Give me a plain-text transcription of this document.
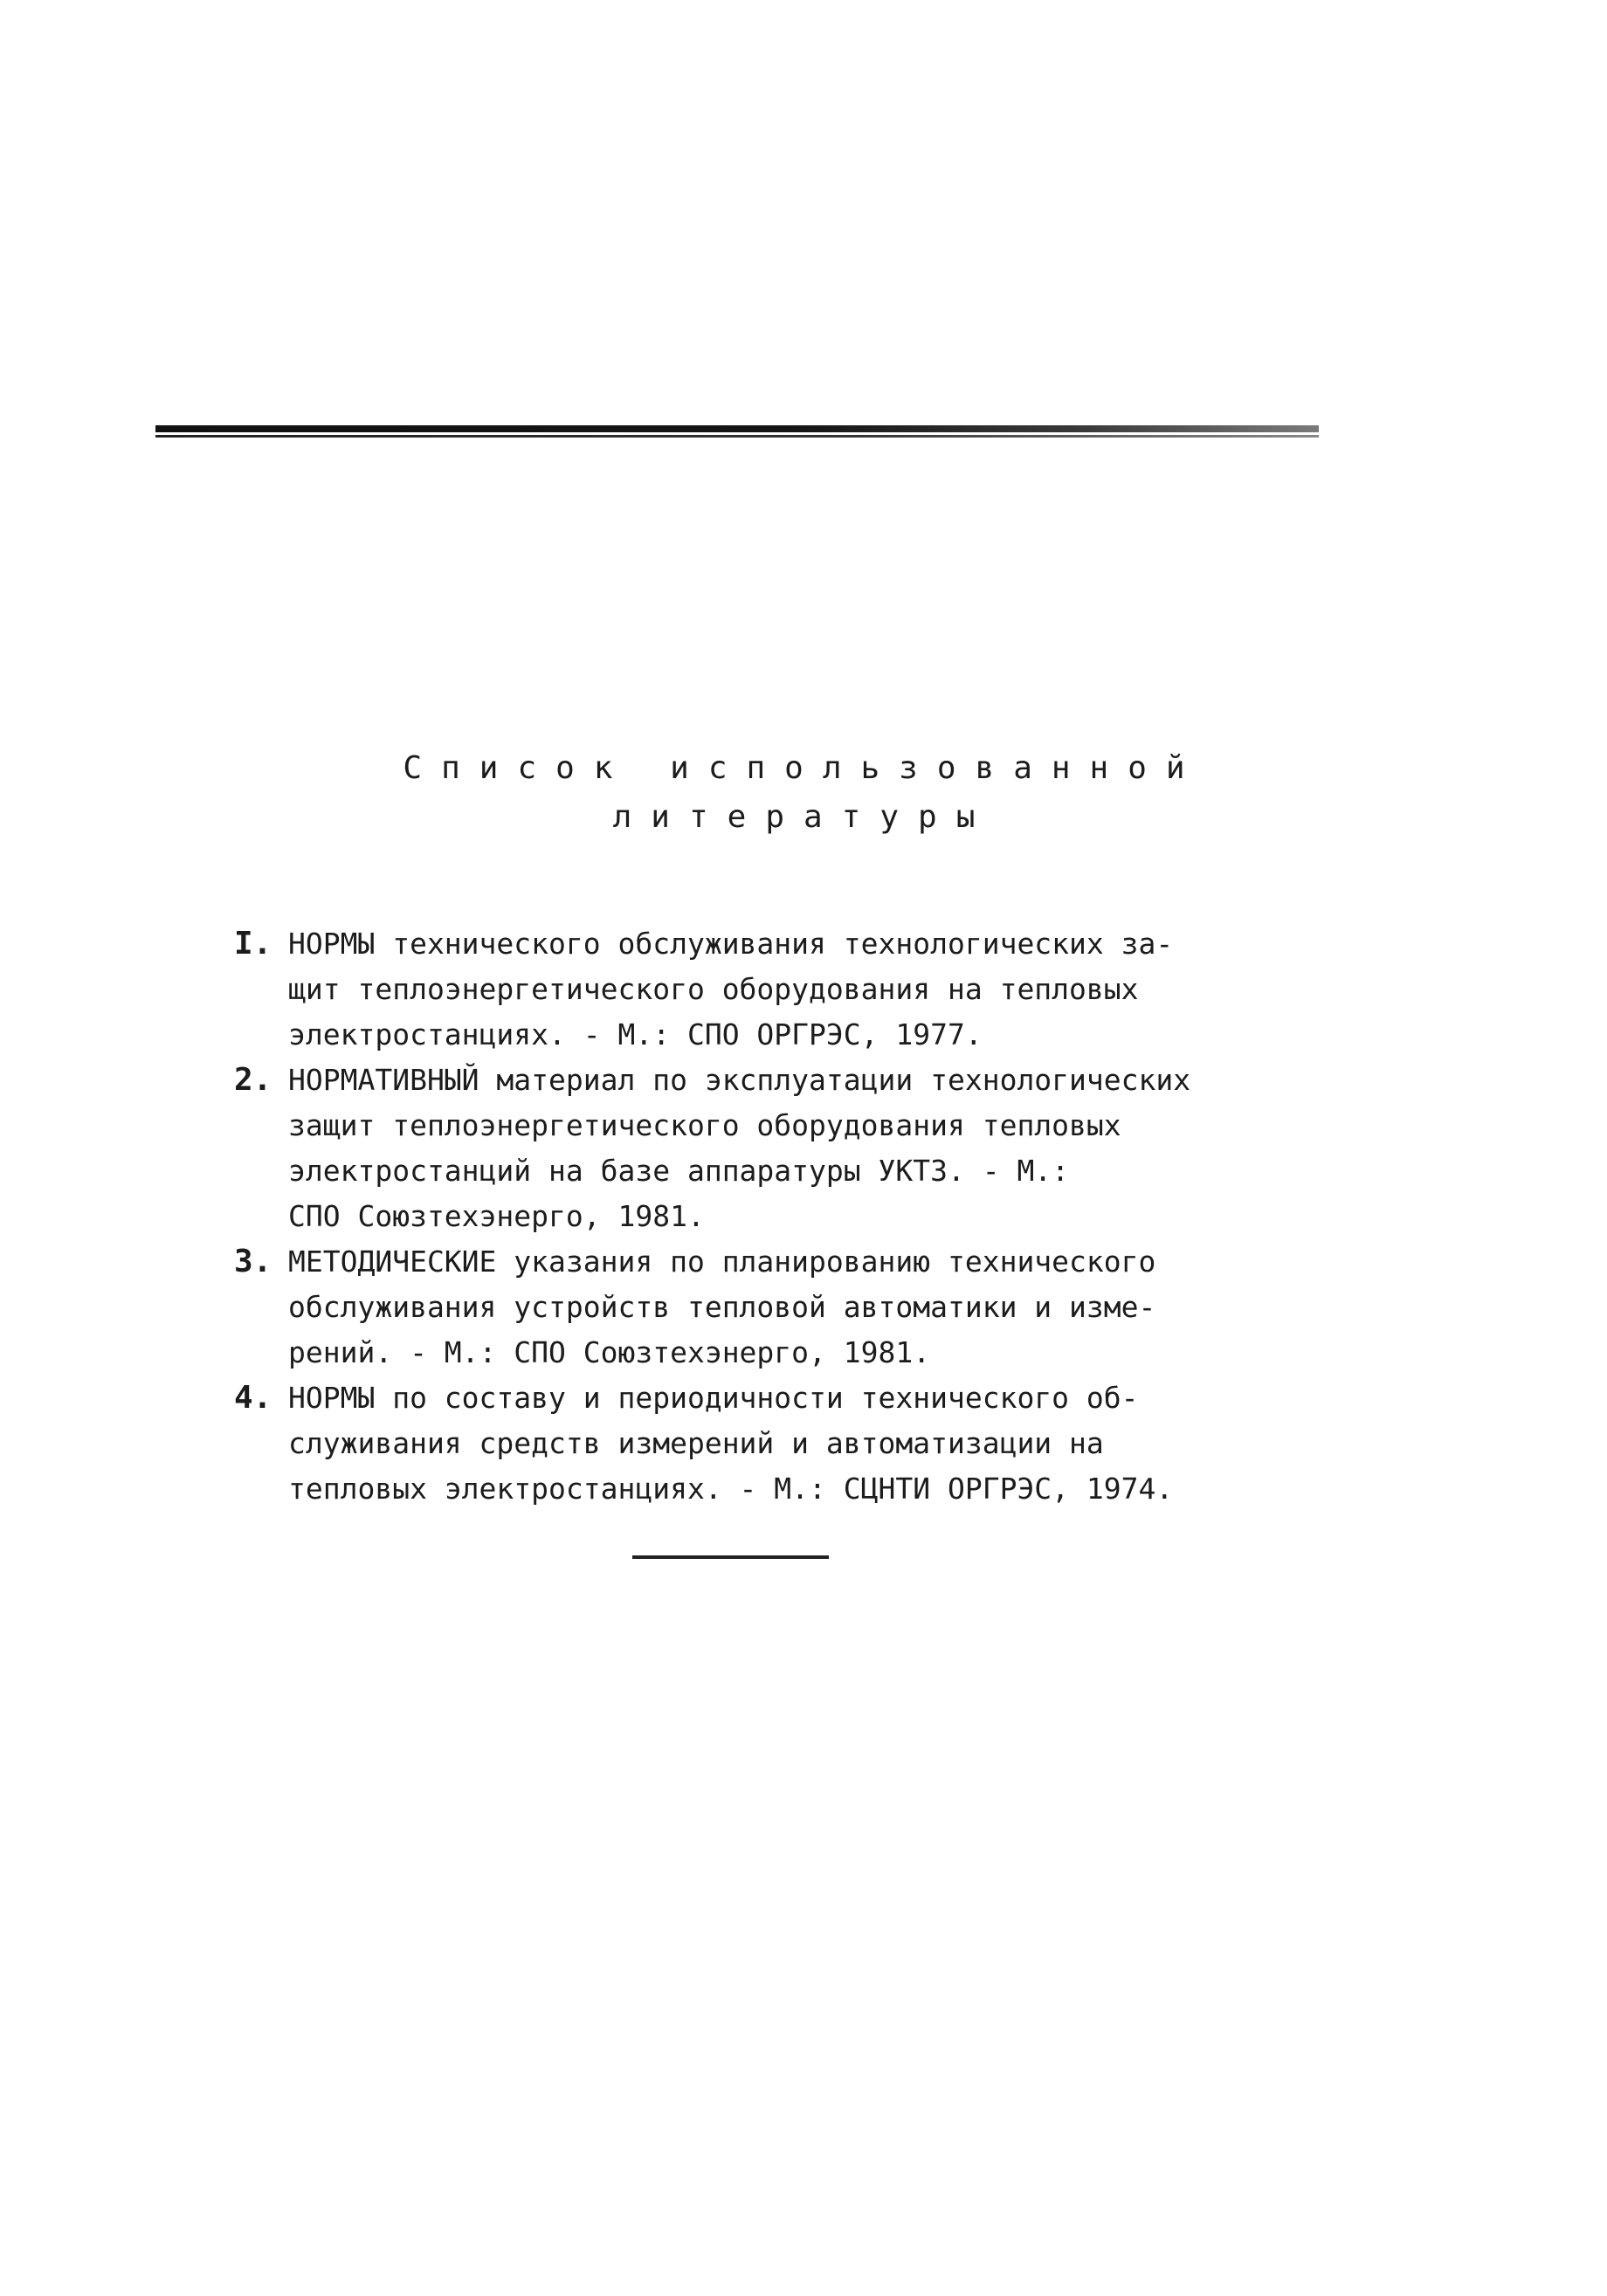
Список использованной
литературы
I. НОРМЫ технического обслуживания технологических за-
щит теплоэнергетического оборудования на тепловых
электростанциях. - М.: СПО ОРГРЭС, 1977.
2. НОРМАТИВНЫЙ материал по эксплуатации технологических
защит теплоэнергетического оборудования тепловых
электростанций на базе аппаратуры УКТЗ. - М.:
СПО Союзтехэнерго, 1981.
3. МЕТОДИЧЕСКИЕ указания по планированию технического
обслуживания устройств тепловой автоматики и изме-
рений. - М.: СПО Союзтехэнерго, 1981.
4. НОРМЫ по составу и периодичности технического об-
служивания средств измерений и автоматизации на
тепловых электростанциях. - М.: СЦНТИ ОРГРЭС, 1974.
